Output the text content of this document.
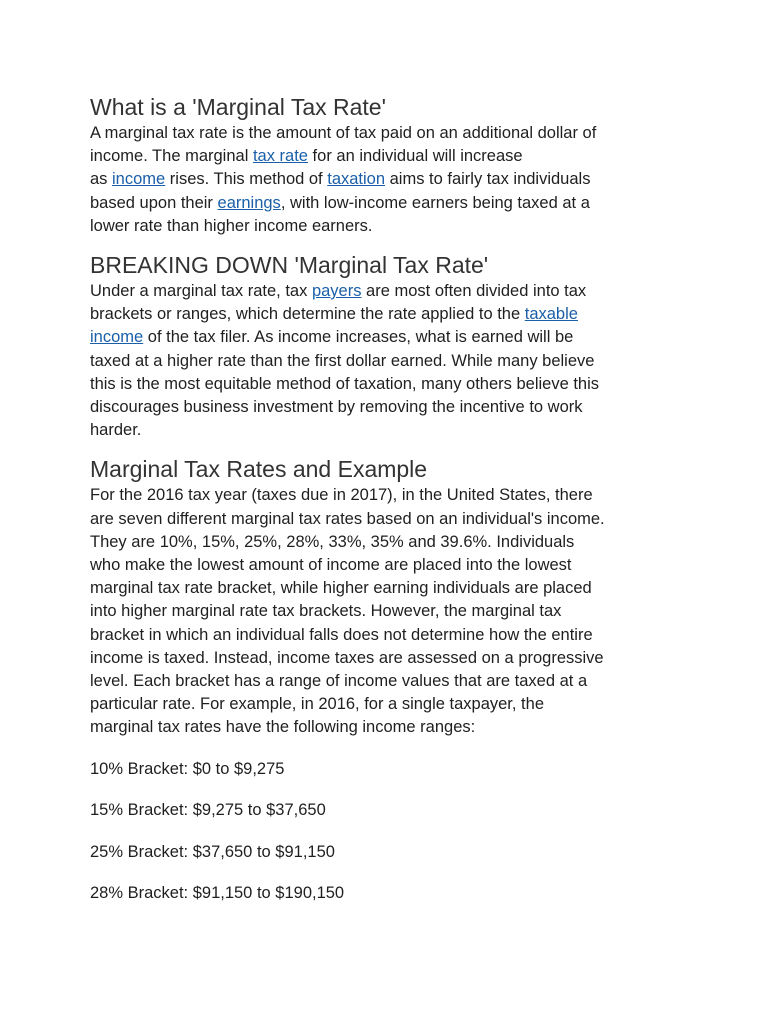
What is a 'Marginal Tax Rate'

A marginal tax rate is the amount of tax paid on an additional dollar of

income. The marginal tax rate for an individual will increase

as income rises. This method of taxation aims to fairly tax individuals

based upon their earnings, with low-income earners being taxed at a

lower rate than higher income earners.

BREAKING DOWN 'Marginal Tax Rate'

Under a marginal tax rate, tax payers are most often divided into tax

brackets or ranges, which determine the rate applied to the taxable

income of the tax filer. As income increases, what is earned will be

taxed at a higher rate than the first dollar earned. While many believe

this is the most equitable method of taxation, many others believe this

discourages business investment by removing the incentive to work

harder.

Marginal Tax Rates and Example

For the 2016 tax year (taxes due in 2017), in the United States, there

are seven different marginal tax rates based on an individual's income.

They are 10%, 15%, 25%, 28%, 33%, 35% and 39.6%. Individuals

who make the lowest amount of income are placed into the lowest

marginal tax rate bracket, while higher earning individuals are placed

into higher marginal rate tax brackets. However, the marginal tax

bracket in which an individual falls does not determine how the entire

income is taxed. Instead, income taxes are assessed on a progressive

level. Each bracket has a range of income values that are taxed at a

particular rate. For example, in 2016, for a single taxpayer, the

marginal tax rates have the following income ranges:

10% Bracket: $0 to $9,275

15% Bracket: $9,275 to $37,650

25% Bracket: $37,650 to $91,150

28% Bracket: $91,150 to $190,150
